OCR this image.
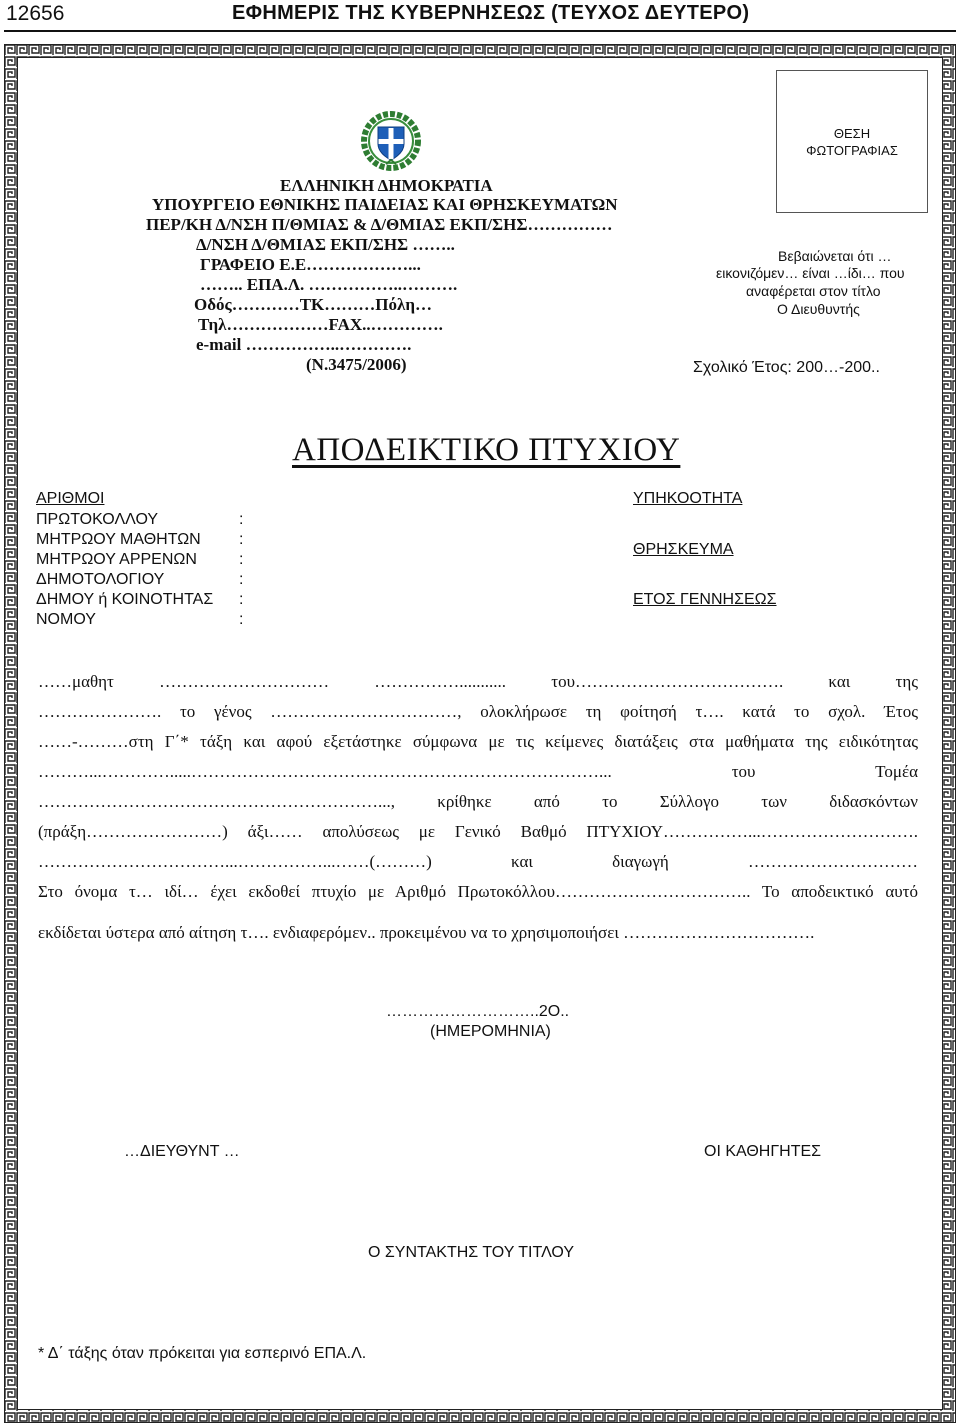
12656	ΕΦΗΜΕΡΙΣ ΤΗΣ ΚΥΒΕΡΝΗΣΕΩΣ (ΤΕΥΧΟΣ ΔΕΥΤΕΡΟ)
ΕΛΛΗΝΙΚΗ ΔΗΜΟΚΡΑΤΙΑ
ΥΠΟΥΡΓΕΙΟ ΕΘΝΙΚΗΣ ΠΑΙΔΕΙΑΣ ΚΑΙ ΘΡΗΣΚΕΥΜΑΤΩΝ
ΠΕΡ/ΚΗ Δ/ΝΣΗ Π/ΘΜΙΑΣ & Δ/ΘΜΙΑΣ ΕΚΠ/ΣΗΣ……………
Δ/ΝΣΗ Δ/ΘΜΙΑΣ ΕΚΠ/ΣΗΣ ……..
ΓΡΑΦΕΙΟ Ε.Ε………………...
…….. ΕΠΑ.Λ. ……………..……….
Οδός…………ΤΚ………Πόλη…
Τηλ………………FAX..………….
e-mail ……………..………….
(Ν.3475/2006)
ΘΕΣΗ
ΦΩΤΟΓΡΑΦΙΑΣ
Βεβαιώνεται ότι …
εικονιζόμεν… είναι …ίδι… που
αναφέρεται στον τίτλο
Ο Διευθυντής
Σχολικό Έτος: 200…-200..
ΑΠΟΔΕΙΚΤΙΚΟ ΠΤΥΧΙΟΥ
ΑΡΙΘΜΟΙ
ΠΡΩΤΟΚΟΛΛΟΥ	:
ΜΗΤΡΩΟΥ ΜΑΘΗΤΩΝ :
ΜΗΤΡΩΟΥ ΑΡΡΕΝΩΝ	:
ΔΗΜΟΤΟΛΟΓΙΟΥ	:
ΔΗΜΟΥ ή ΚΟΙΝΟΤΗΤΑΣ :
ΝΟΜΟΥ	:
ΥΠΗΚΟΟΤΗΤΑ
ΘΡΗΣΚΕΥΜΑ
ΕΤΟΣ ΓΕΝΝΗΣΕΩΣ
……μαθητ ………………………… ……………........... του………………………………. και της
…………………. το γένος ……………………………, ολοκλήρωσε τη φοίτησή τ…. κατά το σχολ. Έτος
……-………στη Γ΄* τάξη και αφού εξετάστηκε σύμφωνα με τις κείμενες διατάξεις στα μαθήματα της ειδικότητας
………...………….....………………………………………………………………... του Τομέα
……………………………………………………..., κρίθηκε από το Σύλλογο των διδασκόντων
(πράξη……………………) άξι…… απολύσεως με Γενικό Βαθμό ΠΤΥΧΙΟΥ……………...……………………….
……………………………...……………...……(………) και διαγωγή …………………………
Στο όνομα τ… ιδί… έχει εκδοθεί πτυχίο με Αριθμό Πρωτοκόλλου…………………………….. Το αποδεικτικό αυτό
εκδίδεται ύστερα από αίτηση τ…. ενδιαφερόμεν.. προκειμένου να το χρησιμοποιήσει …………………………….
………………………..2Ο..
(ΗΜΕΡΟΜΗΝΙΑ)
…ΔΙΕΥΘΥΝΤ …	ΟΙ ΚΑΘΗΓΗΤΕΣ
Ο ΣΥΝΤΑΚΤΗΣ ΤΟΥ ΤΙΤΛΟΥ
* Δ΄ τάξης όταν πρόκειται για εσπερινό ΕΠΑ.Λ.
